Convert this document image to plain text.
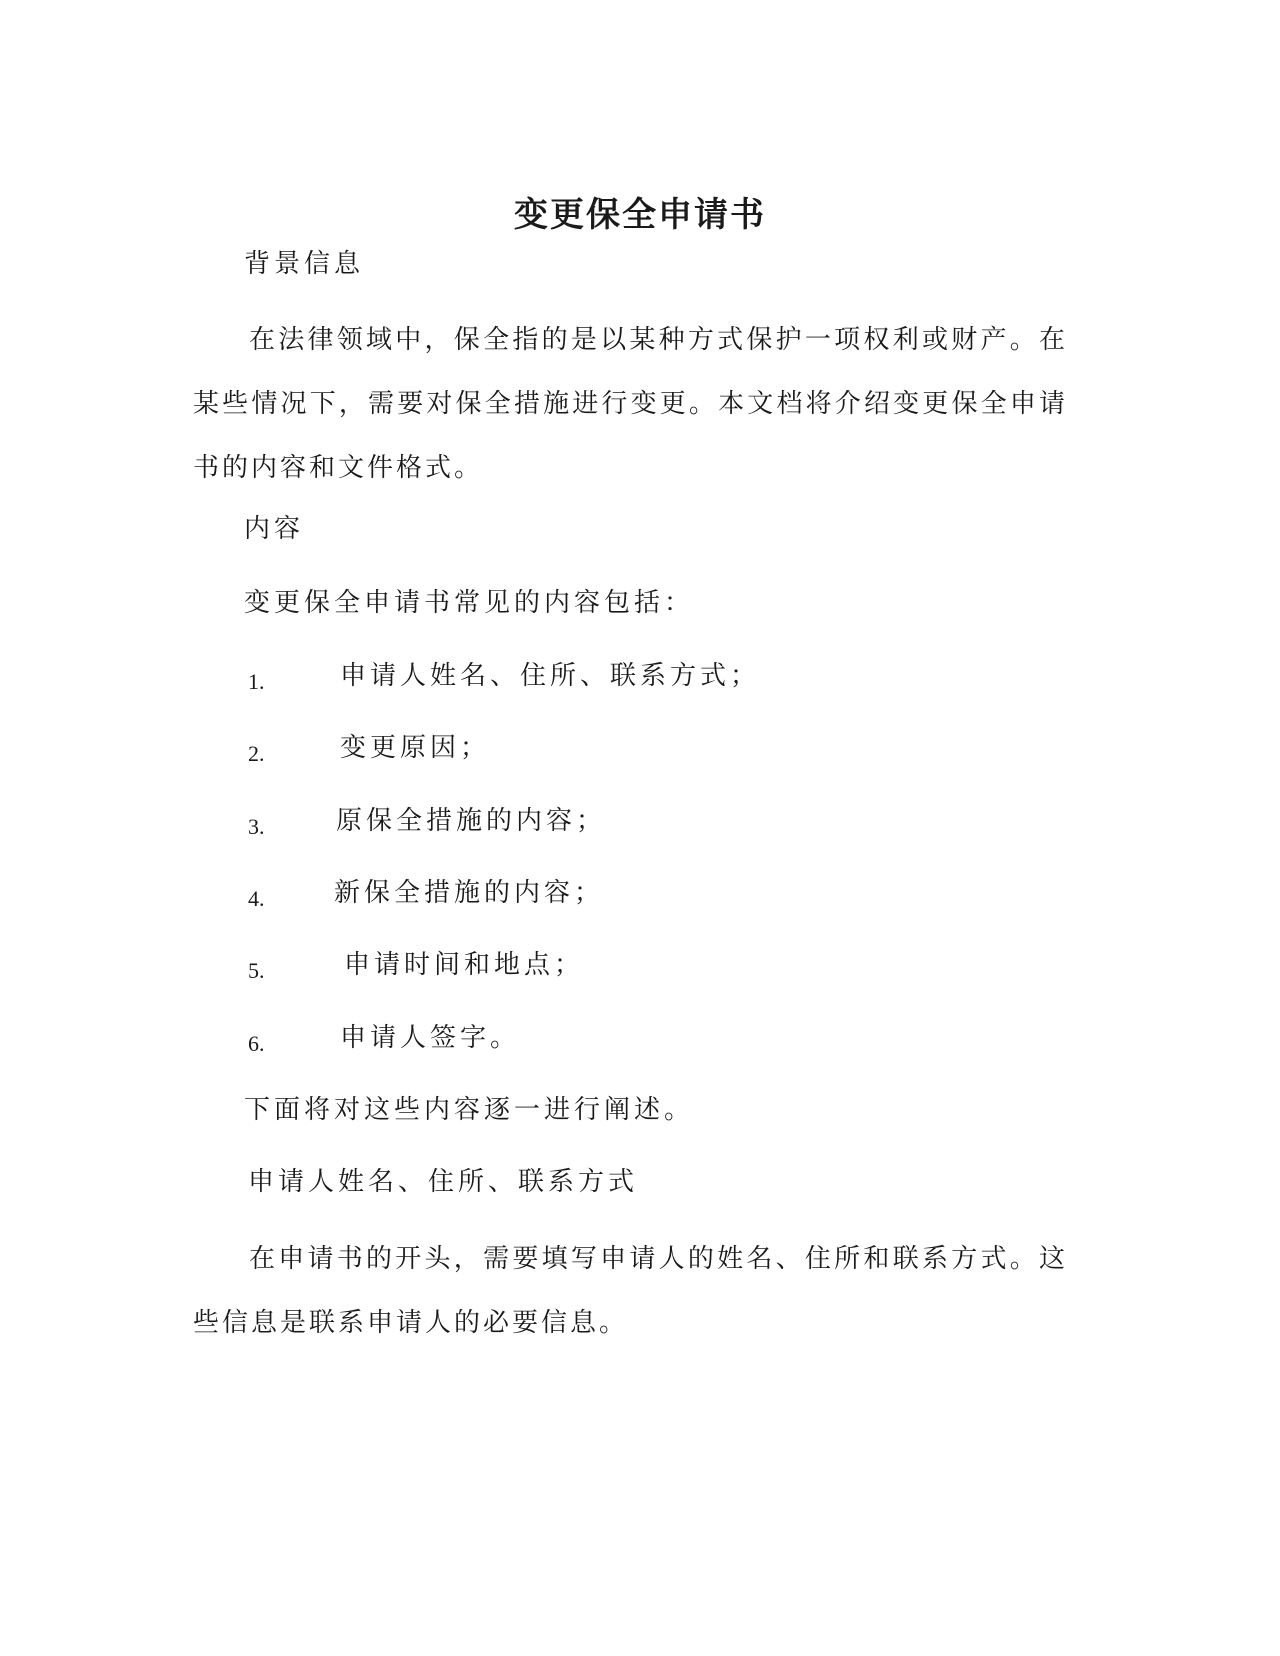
变更保全申请书
背景信息
在法律领域中，保全指的是以某种方式保护一项权利或财产。在某些情况下，需要对保全措施进行变更。本文档将介绍变更保全申请书的内容和文件格式。
内容
变更保全申请书常见的内容包括：
1.	申请人姓名、住所、联系方式；
2.	变更原因；
3.	原保全措施的内容；
4.	新保全措施的内容；
5.	申请时间和地点；
6.	申请人签字。
下面将对这些内容逐一进行阐述。
申请人姓名、住所、联系方式
在申请书的开头，需要填写申请人的姓名、住所和联系方式。这些信息是联系申请人的必要信息。
